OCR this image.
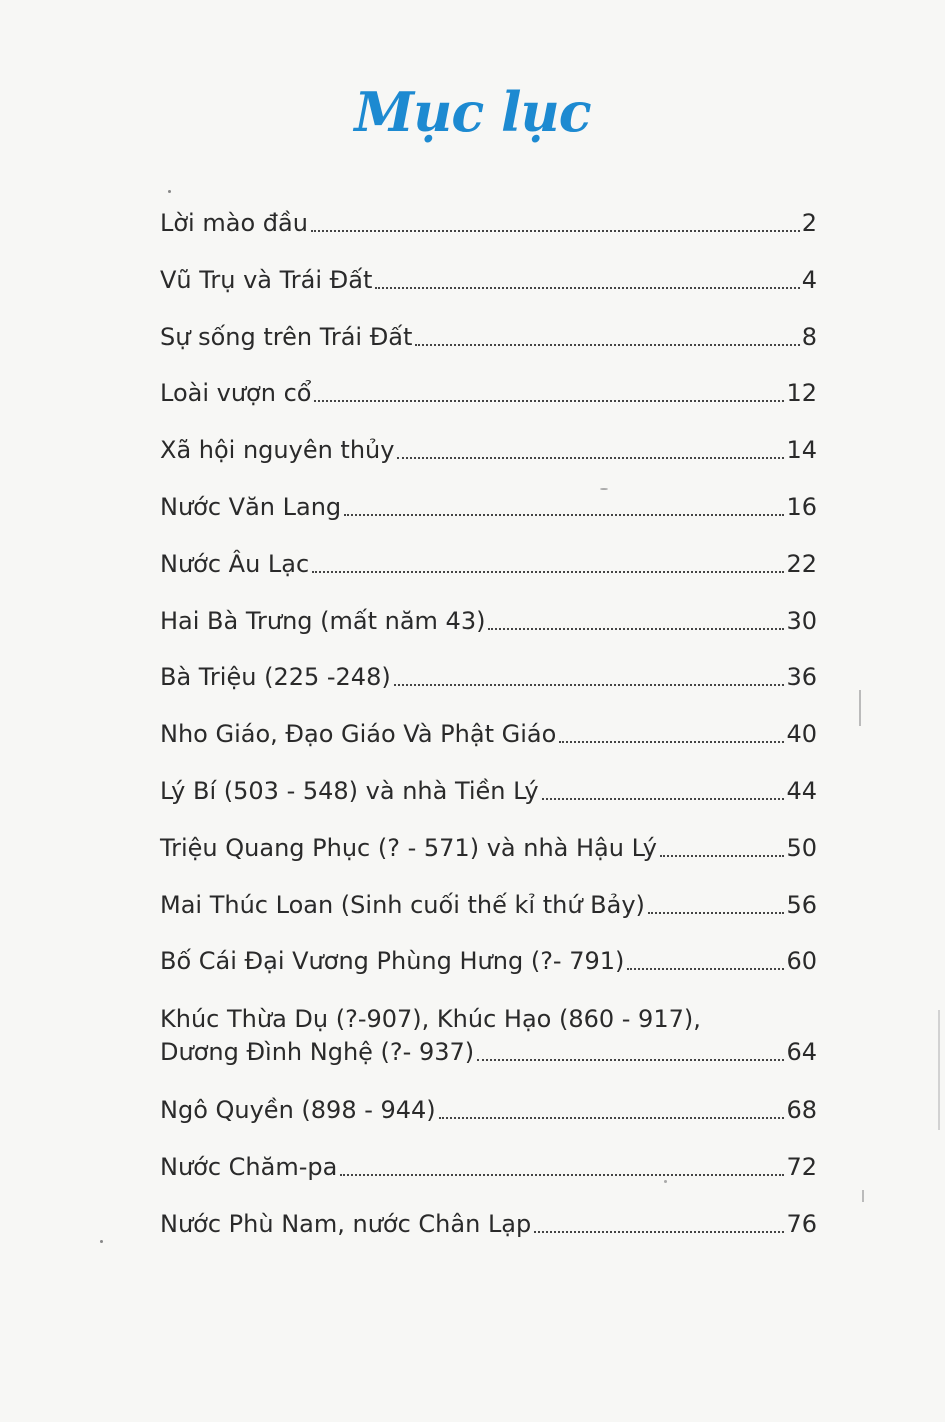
Mục lục
Lời mào đầu	2
Vũ Trụ và Trái Đất	4
Sự sống trên Trái Đất	8
Loài vượn cổ	12
Xã hội nguyên thủy	14
Nước Văn Lang	16
Nước Âu Lạc	22
Hai Bà Trưng (mất năm 43)	30
Bà Triệu (225 -248)	36
Nho Giáo, Đạo Giáo Và Phật Giáo	40
Lý Bí (503 - 548) và nhà Tiền Lý	44
Triệu Quang Phục (? - 571) và nhà Hậu Lý	50
Mai Thúc Loan (Sinh cuối thế kỉ thứ Bảy)	56
Bố Cái Đại Vương Phùng Hưng (?- 791)	60
Khúc Thừa Dụ (?-907), Khúc Hạo (860 - 917),
Dương Đình Nghệ (?- 937)	64
Ngô Quyền (898 - 944)	68
Nước Chăm-pa	72
Nước Phù Nam, nước Chân Lạp	76
